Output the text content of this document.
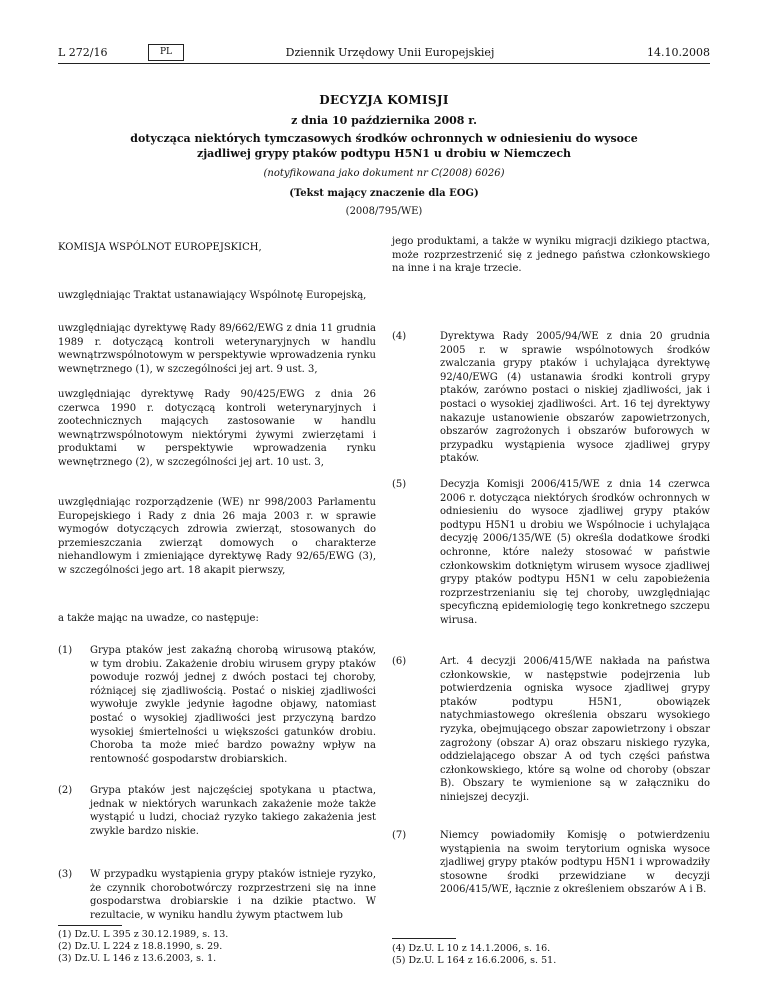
L 272/16	PL	Dziennik Urzędowy Unii Europejskiej	14.10.2008
DECYZJA KOMISJI
z dnia 10 października 2008 r.
dotycząca niektórych tymczasowych środków ochronnych w odniesieniu do wysoce zjadliwej grypy ptaków podtypu H5N1 u drobiu w Niemczech
(notyfikowana jako dokument nr C(2008) 6026)
(Tekst mający znaczenie dla EOG)
(2008/795/WE)
KOMISJA WSPÓLNOT EUROPEJSKICH,
uwzględniając Traktat ustanawiający Wspólnotę Europejską,
uwzględniając dyrektywę Rady 89/662/EWG z dnia 11 grudnia 1989 r. dotyczącą kontroli weterynaryjnych w handlu wewnątrzwspólnotowym w perspektywie wprowadzenia rynku wewnętrznego (1), w szczególności jej art. 9 ust. 3,
uwzględniając dyrektywę Rady 90/425/EWG z dnia 26 czerwca 1990 r. dotyczącą kontroli weterynaryjnych i zootechnicznych mających zastosowanie w handlu wewnątrzwspólnotowym niektórymi żywymi zwierzętami i produktami w perspektywie wprowadzenia rynku wewnętrznego (2), w szczególności jej art. 10 ust. 3,
uwzględniając rozporządzenie (WE) nr 998/2003 Parlamentu Europejskiego i Rady z dnia 26 maja 2003 r. w sprawie wymogów dotyczących zdrowia zwierząt, stosowanych do przemieszczania zwierząt domowych o charakterze niehandlowym i zmieniające dyrektywę Rady 92/65/EWG (3), w szczególności jego art. 18 akapit pierwszy,
a także mając na uwadze, co następuje:
(1) Grypa ptaków jest zakaźną chorobą wirusową ptaków, w tym drobiu. Zakażenie drobiu wirusem grypy ptaków powoduje rozwój jednej z dwóch postaci tej choroby, różniącej się zjadliwością. Postać o niskiej zjadliwości wywołuje zwykle jedynie łagodne objawy, natomiast postać o wysokiej zjadliwości jest przyczyną bardzo wysokiej śmiertelności u większości gatunków drobiu. Choroba ta może mieć bardzo poważny wpływ na rentowność gospodarstw drobiarskich.
(2) Grypa ptaków jest najczęściej spotykana u ptactwa, jednak w niektórych warunkach zakażenie może także wystąpić u ludzi, chociaż ryzyko takiego zakażenia jest zwykle bardzo niskie.
(3) W przypadku wystąpienia grypy ptaków istnieje ryzyko, że czynnik chorobotwórczy rozprzestrzeni się na inne gospodarstwa drobiarskie i na dzikie ptactwo. W rezultacie, w wyniku handlu żywym ptactwem lub

(1) Dz.U. L 395 z 30.12.1989, s. 13.

(2) Dz.U. L 224 z 18.8.1990, s. 29.

(3) Dz.U. L 146 z 13.6.2003, s. 1.

jego produktami, a także w wyniku migracji dzikiego ptactwa, może rozprzestrzenić się z jednego państwa członkowskiego na inne i na kraje trzecie.
(4)	Dyrektywa Rady 2005/94/WE z dnia 20 grudnia 2005 r. w sprawie wspólnotowych środków zwalczania grypy ptaków i uchylająca dyrektywę 92/40/EWG (4) ustanawia środki kontroli grypy ptaków, zarówno postaci o niskiej zjadliwości, jak i postaci o wysokiej zjadliwości. Art. 16 tej dyrektywy nakazuje ustanowienie obszarów zapowietrzonych, obszarów zagrożonych i obszarów buforowych w przypadku wystąpienia wysoce zjadliwej grypy ptaków.
(5)	Decyzja Komisji 2006/415/WE z dnia 14 czerwca 2006 r. dotycząca niektórych środków ochronnych w odniesieniu do wysoce zjadliwej grypy ptaków podtypu H5N1 u drobiu we Wspólnocie i uchylająca decyzję 2006/135/WE (5) określa dodatkowe środki ochronne, które należy stosować w państwie członkowskim dotkniętym wirusem wysoce zjadliwej grypy ptaków podtypu H5N1 w celu zapobieżenia rozprzestrzenianiu się tej choroby, uwzględniając specyficzną epidemiologię tego konkretnego szczepu wirusa.
(6)	Art. 4 decyzji 2006/415/WE nakłada na państwa członkowskie, w następstwie podejrzenia lub potwierdzenia ogniska wysoce zjadliwej grypy ptaków podtypu H5N1, obowiązek natychmiastowego określenia obszaru wysokiego ryzyka, obejmującego obszar zapowietrzony i obszar zagrożony (obszar A) oraz obszaru niskiego ryzyka, oddzielającego obszar A od tych części państwa członkowskiego, które są wolne od choroby (obszar B). Obszary te wymienione są w załączniku do niniejszej decyzji.
(7)	Niemcy powiadomiły Komisję o potwierdzeniu wystąpienia na swoim terytorium ogniska wysoce zjadliwej grypy ptaków podtypu H5N1 i wprowadziły stosowne środki przewidziane w decyzji 2006/415/WE, łącznie z określeniem obszarów A i B.

(4) Dz.U. L 10 z 14.1.2006, s. 16.

(5) Dz.U. L 164 z 16.6.2006, s. 51.
